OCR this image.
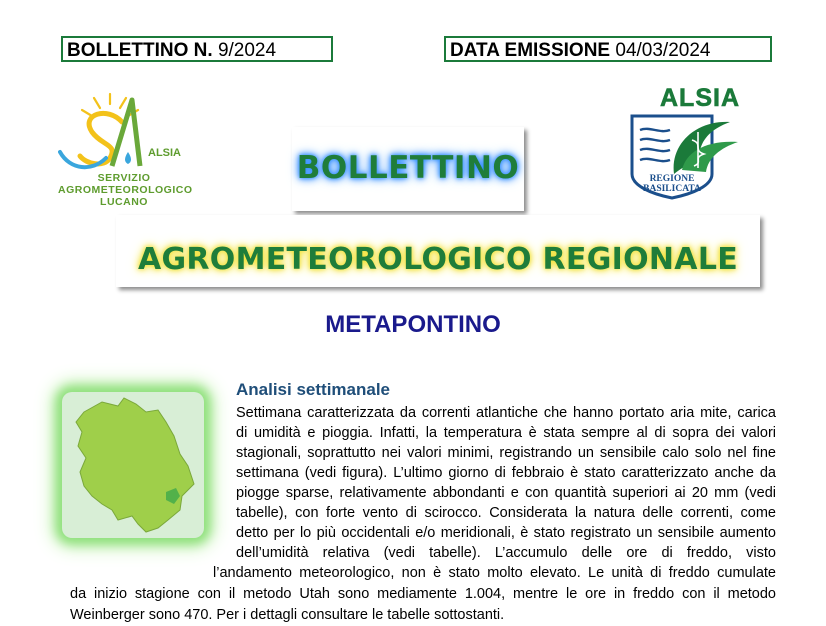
BOLLETTINO N. 9/2024	DATA EMISSIONE 04/03/2024
ALSIA
SERVIZIO
AGROMETEOROLOGICO
LUCANO
ALSIA
REGIONE
BASILICATA
BOLLETTINO
AGROMETEOROLOGICO REGIONALE
METAPONTINO
Analisi settimanale
Settimana caratterizzata da correnti atlantiche che hanno portato aria mite, carica
di umidità e pioggia. Infatti, la temperatura è stata sempre al di sopra dei valori
stagionali, soprattutto nei valori minimi, registrando un sensibile calo solo nel fine
settimana (vedi figura). L’ultimo giorno di febbraio è stato caratterizzato anche da
piogge sparse, relativamente abbondanti e con quantità superiori ai 20 mm (vedi
tabelle), con forte vento di scirocco. Considerata la natura delle correnti, come
detto per lo più occidentali e/o meridionali, è stato registrato un sensibile aumento
dell’umidità relativa (vedi tabelle). L’accumulo delle ore di freddo, visto
l’andamento meteorologico, non è stato molto elevato. Le unità di freddo cumulate
da inizio stagione con il metodo Utah sono mediamente 1.004, mentre le ore in freddo con il metodo
Weinberger sono 470. Per i dettagli consultare le tabelle sottostanti.
